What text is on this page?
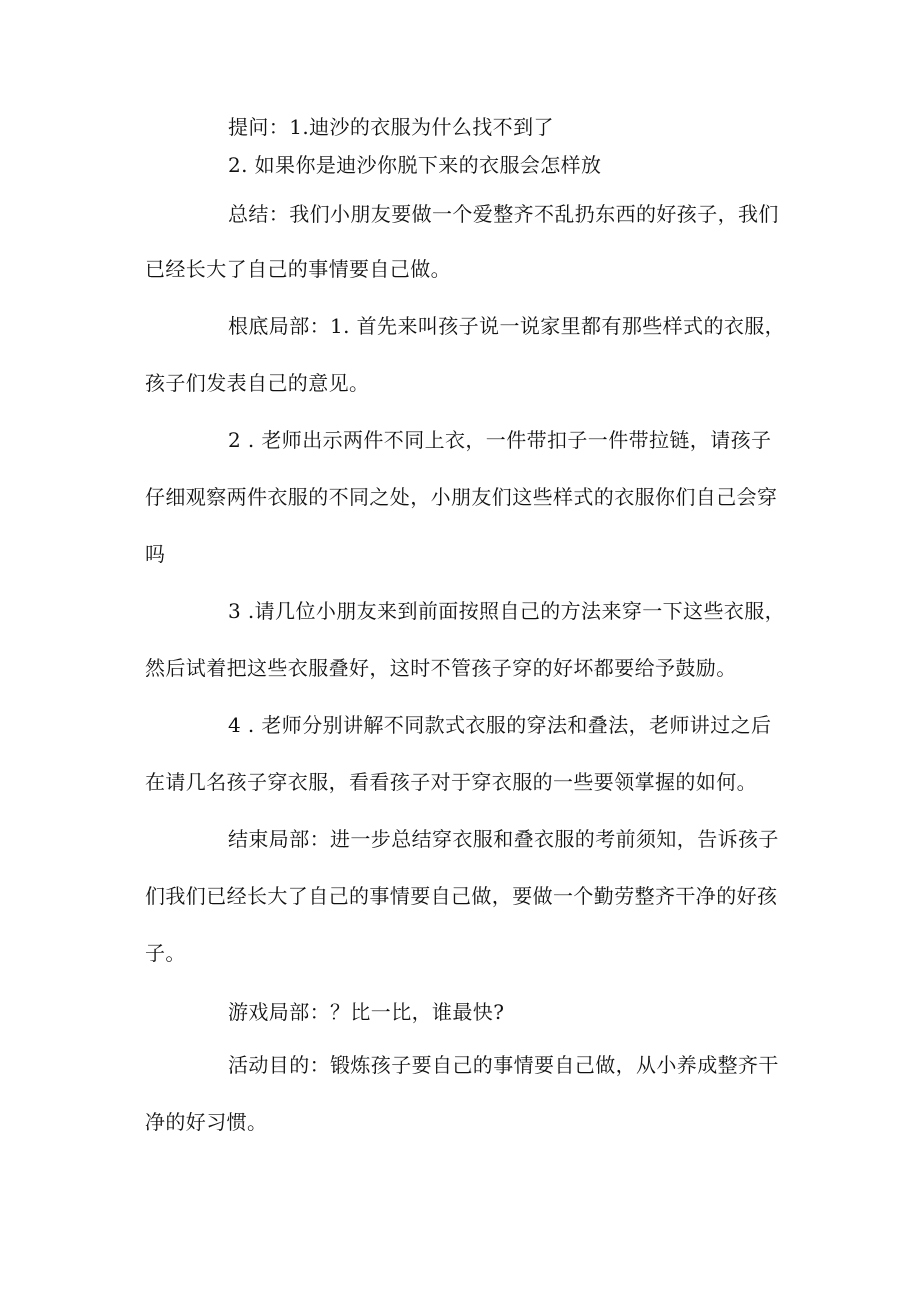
提问：1.迪沙的衣服为什么找不到了
2. 如果你是迪沙你脱下来的衣服会怎样放
总结：我们小朋友要做一个爱整齐不乱扔东西的好孩子，我们
已经长大了自己的事情要自己做。
根底局部：1. 首先来叫孩子说一说家里都有那些样式的衣服，
孩子们发表自己的意见。
2 . 老师出示两件不同上衣，一件带扣子一件带拉链，请孩子
仔细观察两件衣服的不同之处，小朋友们这些样式的衣服你们自己会穿
吗
3 .请几位小朋友来到前面按照自己的方法来穿一下这些衣服，
然后试着把这些衣服叠好，这时不管孩子穿的好坏都要给予鼓励。
4 . 老师分别讲解不同款式衣服的穿法和叠法，老师讲过之后
在请几名孩子穿衣服，看看孩子对于穿衣服的一些要领掌握的如何。
结束局部：进一步总结穿衣服和叠衣服的考前须知，告诉孩子
们我们已经长大了自己的事情要自己做，要做一个勤劳整齐干净的好孩
子。
游戏局部：？比一比，谁最快?
活动目的：锻炼孩子要自己的事情要自己做，从小养成整齐干
净的好习惯。
